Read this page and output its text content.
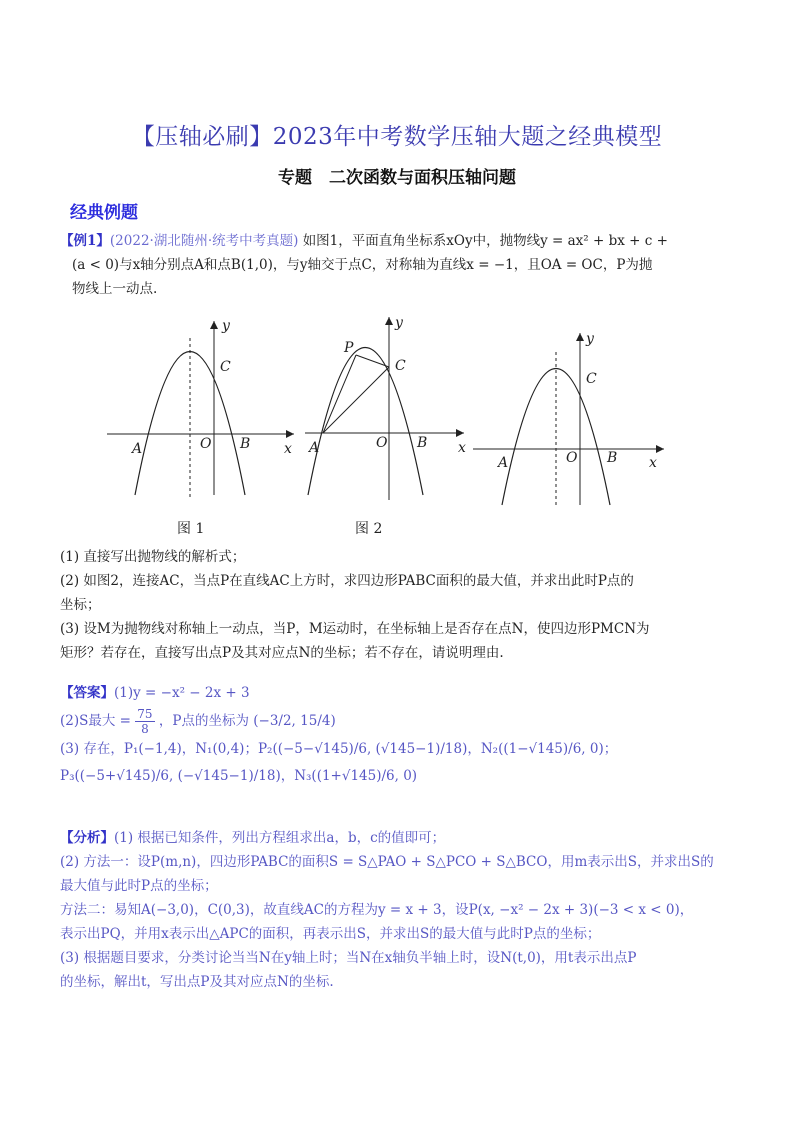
【压轴必刷】2023年中考数学压轴大题之经典模型
专题　二次函数与面积压轴问题
经典例题
【例1】(2022·湖北随州·统考中考真题) 如图1，平面直角坐标系xOy中，抛物线y = ax² + bx + c +
(a < 0)与x轴分别点A和点B(1,0)，与y轴交于点C，对称轴为直线x = −1，且OA = OC，P为抛
物线上一动点.
y
C
A	O B x
y
P
C
A	O B x
y
C
A	O B x
图 1	图 2
(1) 直接写出抛物线的解析式；
(2) 如图2，连接AC，当点P在直线AC上方时，求四边形PABC面积的最大值，并求出此时P点的
坐标；
(3) 设M为抛物线对称轴上一动点，当P，M运动时，在坐标轴上是否存在点N，使四边形PMCN为
矩形？若存在，直接写出点P及其对应点N的坐标；若不存在，请说明理由.
【答案】(1)y = −x² − 2x + 3
(2)S最大 = $\frac{75}{8}$ ，P点的坐标为 (−3/2, 15/4)
(3) 存在，P₁(−1,4)，N₁(0,4)；P₂((−5−√145)/6, (√145−1)/18)，N₂((1−√145)/6, 0)；
P₃((−5+√145)/6, (−√145−1)/18)，N₃((1+√145)/6, 0)
【分析】(1) 根据已知条件，列出方程组求出a，b，c的值即可；
(2) 方法一：设P(m,n)，四边形PABC的面积S = S△PAO + S△PCO + S△BCO，用m表示出S，并求出S的
最大值与此时P点的坐标；
方法二：易知A(−3,0)，C(0,3)，故直线AC的方程为y = x + 3，设P(x, −x² − 2x + 3)(−3 < x < 0)，
表示出PQ，并用x表示出△APC的面积，再表示出S，并求出S的最大值与此时P点的坐标；
(3) 根据题目要求，分类讨论当当N在y轴上时；当N在x轴负半轴上时，设N(t,0)，用t表示出点P
的坐标，解出t，写出点P及其对应点N的坐标.
